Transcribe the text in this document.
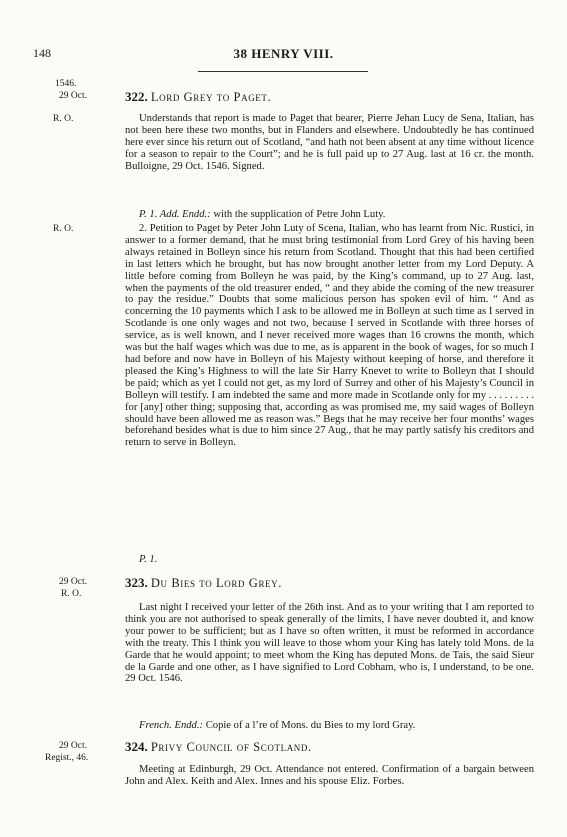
148	38 HENRY VIII.
1546.
29 Oct.	322. Lord Grey to Paget.
R. O.	Understands that report is made to Paget that bearer, Pierre Jehan Lucy de Sena, Italian, has not been here these two months, but in Flanders and elsewhere. Undoubtedly he has continued here ever since his return out of Scotland, “and hath not been absent at any time without licence for a season to repair to the Court”; and he is full paid up to 27 Aug. last at 16 cr. the month. Bulloigne, 29 Oct. 1546. Signed.

P. 1. Add. Endd.: with the supplication of Petre John Luty.

R. O.	2. Petition to Paget by Peter John Luty of Scena, Italian, who has learnt from Nic. Rustici, in answer to a former demand, that he must bring testimonial from Lord Grey of his having been always retained in Bolleyn since his return from Scotland. Thought that this had been certified in last letters which he brought, but has now brought another letter from my Lord Deputy. A little before coming from Bolleyn he was paid, by the King’s command, up to 27 Aug. last, when the payments of the old treasurer ended, “ and they abide the coming of the new treasurer to pay the residue.” Doubts that some malicious person has spoken evil of him. “ And as concerning the 10 payments which I ask to be allowed me in Bolleyn at such time as I served in Scotlande is one only wages and not two, because I served in Scotlande with three horses of service, as is well known, and I never received more wages than 16 crowns the month, which was but the half wages which was due to me, as is apparent in the book of wages, for so much I had before and now have in Bolleyn of his Majesty without keeping of horse, and therefore it pleased the King’s Highness to will the late Sir Harry Knevet to write to Bolleyn that I should be paid; which as yet I could not get, as my lord of Surrey and other of his Majesty’s Council in Bolleyn will testify. I am indebted the same and more made in Scotlande only for my . . . . . . . . . for [any] other thing; supposing that, according as was promised me, my said wages of Bolleyn should have been allowed me as reason was.” Begs that he may receive her four months’ wages beforehand besides what is due to him since 27 Aug., that he may partly satisfy his creditors and return to serve in Bolleyn.

P. 1.

29 Oct.
R. O.
323. Du Bies to Lord Grey.

Last night I received your letter of the 26th inst. And as to your writing that I am reported to think you are not authorised to speak generally of the limits, I have never doubted it, and know your power to be sufficient; but as I have so often written, it must be reformed in accordance with the treaty. This I think you will leave to those whom your King has lately told Mons. de la Garde that he would appoint; to meet whom the King has deputed Mons. de Tais, the said Sieur de la Garde and one other, as I have signified to Lord Cobham, who is, I understand, to be one. 29 Oct. 1546.

French. Endd.: Copie of a l’re of Mons. du Bies to my lord Gray.

29 Oct.
Regist., 46.
324. Privy Council of Scotland.

Meeting at Edinburgh, 29 Oct. Attendance not entered. Confirmation of a bargain between John and Alex. Keith and Alex. Innes and his spouse Eliz. Forbes.
